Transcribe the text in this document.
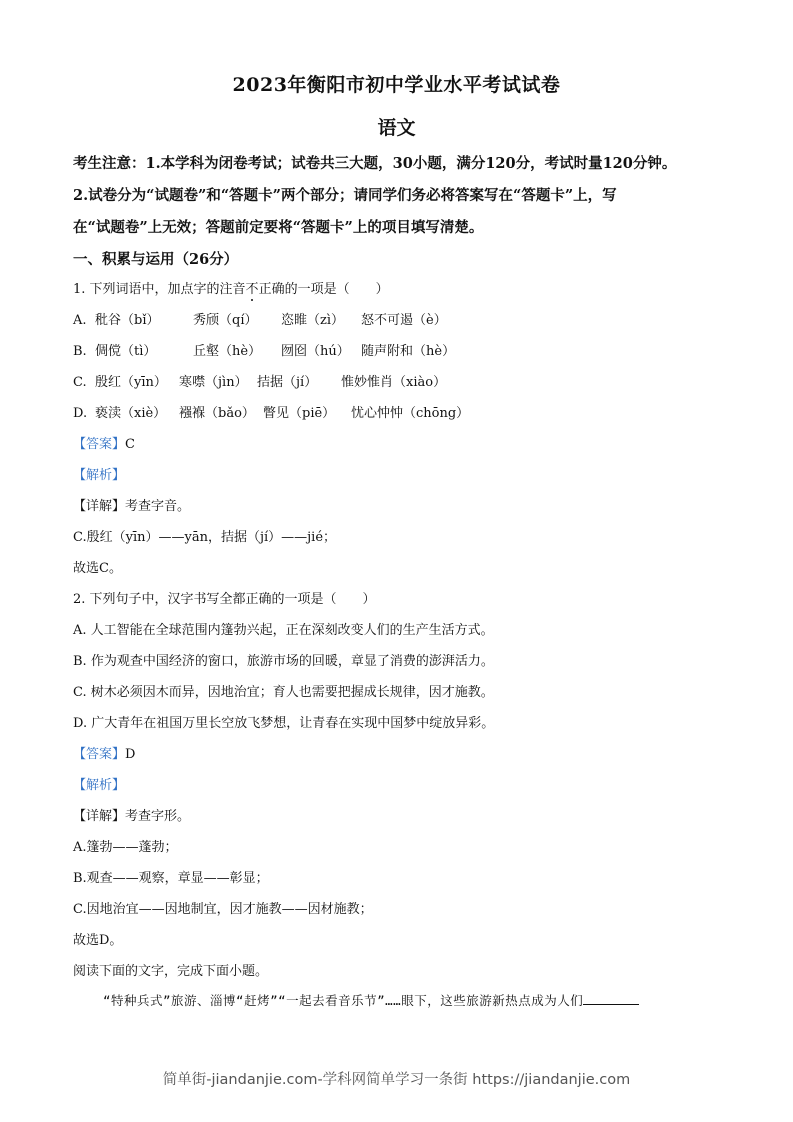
2023年衡阳市初中学业水平考试试卷
语文

考生注意：1.本学科为闭卷考试；试卷共三大题，30小题，满分120分，考试时量120分钟。

2.试卷分为“试题卷”和“答题卡”两个部分；请同学们务必将答案写在“答题卡”上，写

在“试题卷”上无效；答题前定要将“答题卡”上的项目填写清楚。

一、积累与运用（26分）
1. 下列词语中，加点字的注音不正确的一项是（　　）
A. 秕谷（bǐ）	秀颀（qí）	恣睢（zì）	怒不可遏（è）
B. 倜傥（tì）	丘壑（hè）	囫囵（hú） 随声附和（hè）
C. 殷红（yīn） 寒噤（jìn） 拮据（jí）	惟妙惟肖（xiào）
D. 亵渎（xiè） 襁褓（bǎo） 瞥见（piē）	忧心忡忡（chōng）
【答案】C
【解析】
【详解】考查字音。
C.殷红（yīn）——yān，拮据（jí）——jié；
故选C。
2. 下列句子中，汉字书写全都正确的一项是（　　）
A. 人工智能在全球范围内篷勃兴起，正在深刻改变人们的生产生活方式。
B. 作为观查中国经济的窗口，旅游市场的回暖，章显了消费的澎湃活力。
C. 树木必须因木而异，因地治宜；育人也需要把握成长规律，因才施教。
D. 广大青年在祖国万里长空放飞梦想，让青春在实现中国梦中绽放异彩。
【答案】D
【解析】
【详解】考查字形。
A.篷勃——蓬勃；
B.观查——观察，章显——彰显；
C.因地治宜——因地制宜，因才施教——因材施教；
故选D。
阅读下面的文字，完成下面小题。
“特种兵式”旅游、淄博“赶烤”“一起去看音乐节”……眼下，这些旅游新热点成为人们
简单街-jiandanjie.com-学科网简单学习一条街 https://jiandanjie.com
